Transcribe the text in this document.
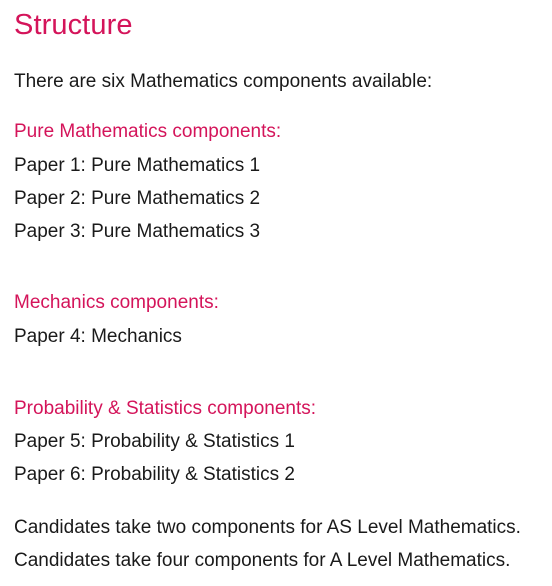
Structure

There are six Mathematics components available:

Pure Mathematics components:

Paper 1: Pure Mathematics 1

Paper 2: Pure Mathematics 2

Paper 3: Pure Mathematics 3

Mechanics components:

Paper 4: Mechanics

Probability & Statistics components:

Paper 5: Probability & Statistics 1

Paper 6: Probability & Statistics 2

Candidates take two components for AS Level Mathematics.

Candidates take four components for A Level Mathematics.
